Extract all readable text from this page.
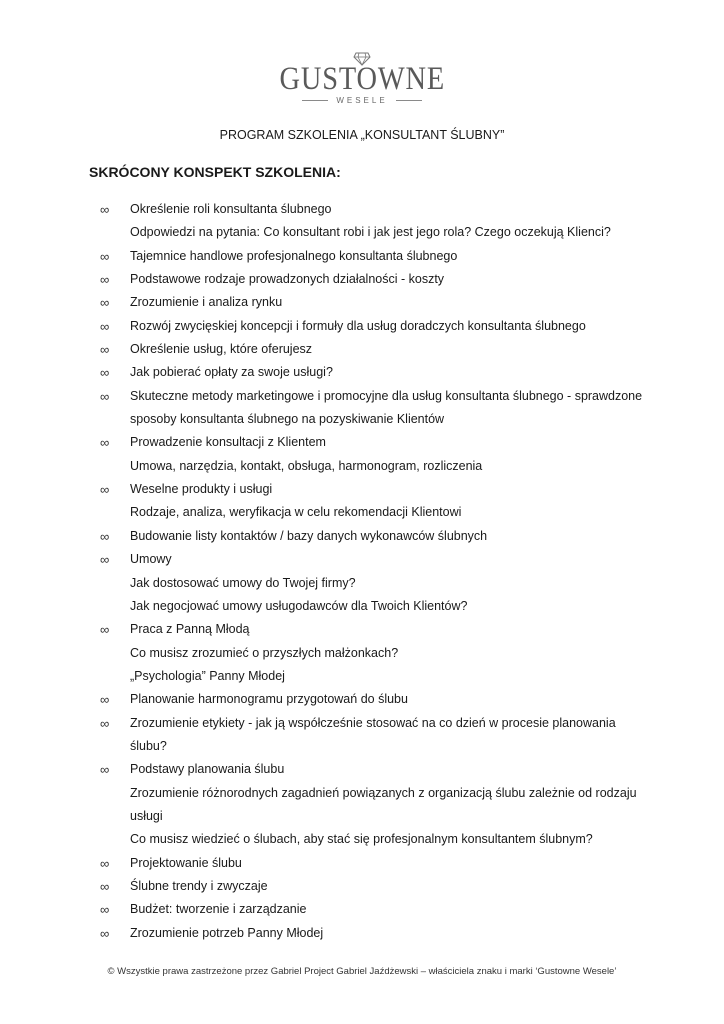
GUSTOWNE
WESELE
PROGRAM SZKOLENIA „KONSULTANT ŚLUBNY”
SKRÓCONY KONSPEKT SZKOLENIA:
∞	Określenie roli konsultanta ślubnego
Odpowiedzi na pytania: Co konsultant robi i jak jest jego rola? Czego oczekują Klienci?
∞	Tajemnice handlowe profesjonalnego konsultanta ślubnego
∞	Podstawowe rodzaje prowadzonych działalności - koszty
∞	Zrozumienie i analiza rynku
∞	Rozwój zwycięskiej koncepcji i formuły dla usług doradczych konsultanta ślubnego
∞	Określenie usług, które oferujesz
∞	Jak pobierać opłaty za swoje usługi?
∞	Skuteczne metody marketingowe i promocyjne dla usług konsultanta ślubnego - sprawdzone
sposoby konsultanta ślubnego na pozyskiwanie Klientów
∞	Prowadzenie konsultacji z Klientem
Umowa, narzędzia, kontakt, obsługa, harmonogram, rozliczenia
∞	Weselne produkty i usługi
Rodzaje, analiza, weryfikacja w celu rekomendacji Klientowi
∞	Budowanie listy kontaktów / bazy danych wykonawców ślubnych
∞	Umowy
Jak dostosować umowy do Twojej firmy?
Jak negocjować umowy usługodawców dla Twoich Klientów?
∞	Praca z Panną Młodą
Co musisz zrozumieć o przyszłych małżonkach?
„Psychologia” Panny Młodej
∞	Planowanie harmonogramu przygotowań do ślubu
∞	Zrozumienie etykiety - jak ją współcześnie stosować na co dzień w procesie planowania
ślubu?
∞	Podstawy planowania ślubu
Zrozumienie różnorodnych zagadnień powiązanych z organizacją ślubu zależnie od rodzaju
usługi
Co musisz wiedzieć o ślubach, aby stać się profesjonalnym konsultantem ślubnym?
∞	Projektowanie ślubu
∞	Ślubne trendy i zwyczaje
∞	Budżet: tworzenie i zarządzanie
∞	Zrozumienie potrzeb Panny Młodej
© Wszystkie prawa zastrzeżone przez Gabriel Project Gabriel Jaźdżewski – właściciela znaku i marki ‘Gustowne Wesele’
